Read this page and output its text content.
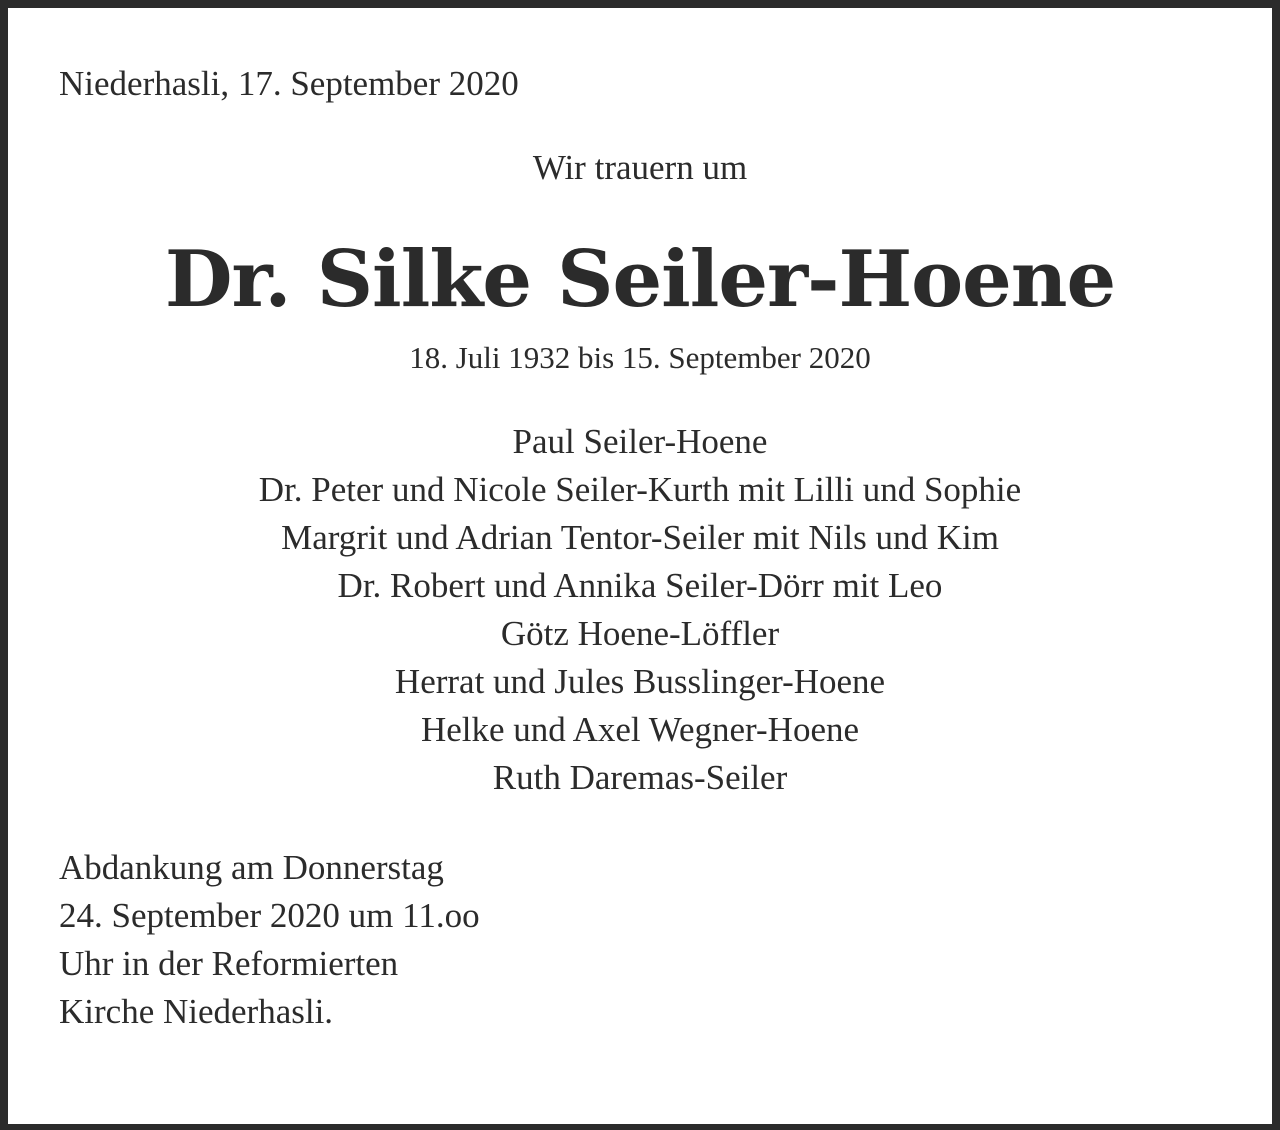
Niederhasli, 17. September 2020
Wir trauern um
Dr. Silke Seiler-Hoene
18. Juli 1932 bis 15. September 2020
Paul Seiler-Hoene
Dr. Peter und Nicole Seiler-Kurth mit Lilli und Sophie
Margrit und Adrian Tentor-Seiler mit Nils und Kim
Dr. Robert und Annika Seiler-Dörr mit Leo
Götz Hoene-Löffler
Herrat und Jules Busslinger-Hoene
Helke und Axel Wegner-Hoene
Ruth Daremas-Seiler
Abdankung am Donnerstag
24. September 2020 um 11.oo
Uhr in der Reformierten
Kirche Niederhasli.
